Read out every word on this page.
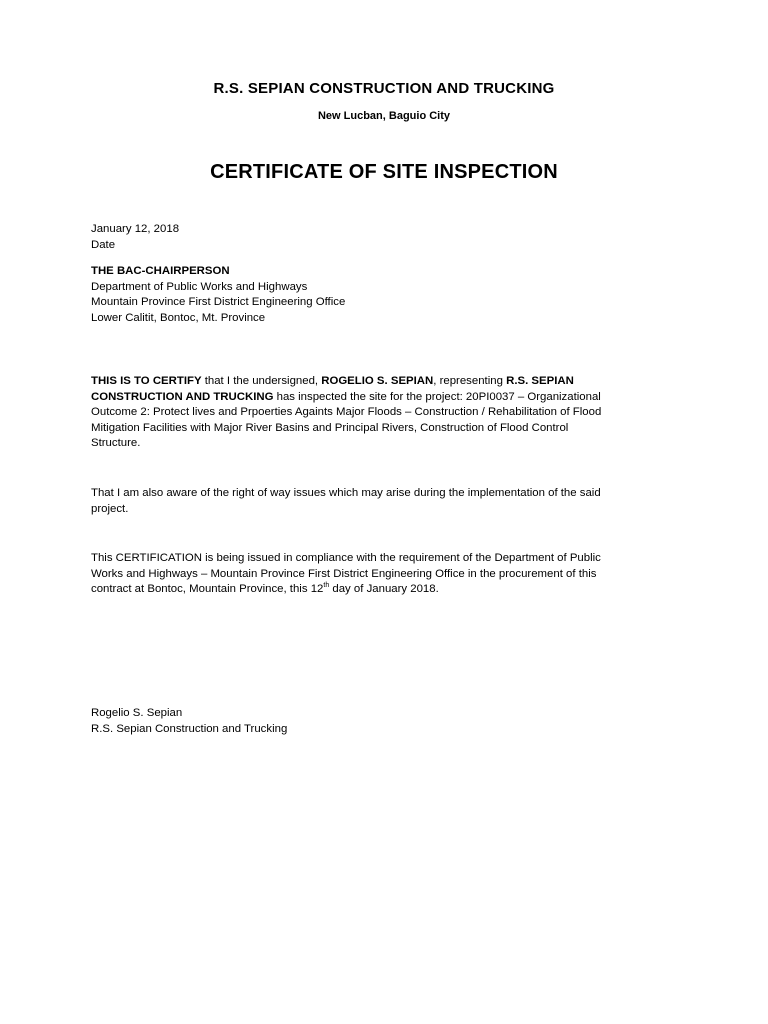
R.S. SEPIAN CONSTRUCTION AND TRUCKING
New Lucban, Baguio City
CERTIFICATE OF SITE INSPECTION
January 12, 2018
Date
THE BAC-CHAIRPERSON
Department of Public Works and Highways
Mountain Province First District Engineering Office
Lower Calitit, Bontoc, Mt. Province
THIS IS TO CERTIFY that I the undersigned, ROGELIO S. SEPIAN, representing R.S. SEPIAN
CONSTRUCTION AND TRUCKING has inspected the site for the project: 20PI0037 – Organizational
Outcome 2: Protect lives and Prpoerties Againts Major Floods – Construction / Rehabilitation of Flood
Mitigation Facilities with Major River Basins and Principal Rivers, Construction of Flood Control
Structure.
That I am also aware of the right of way issues which may arise during the implementation of the said
project.
This CERTIFICATION is being issued in compliance with the requirement of the Department of Public
Works and Highways – Mountain Province First District Engineering Office in the procurement of this
contract at Bontoc, Mountain Province, this 12th day of January 2018.
Rogelio S. Sepian
R.S. Sepian Construction and Trucking
